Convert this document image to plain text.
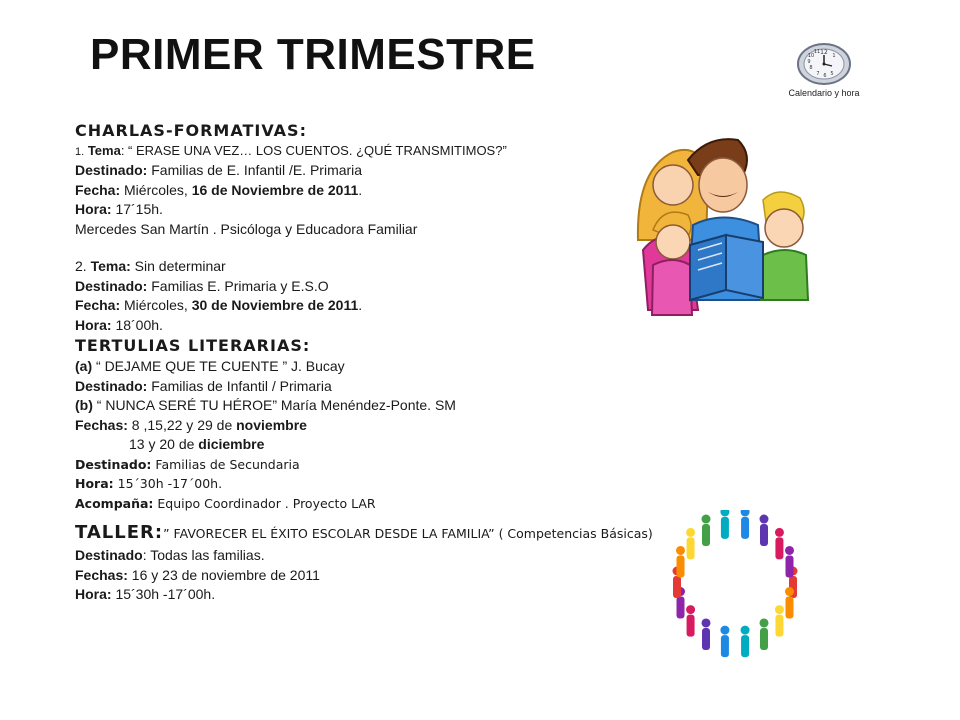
PRIMER TRIMESTRE	12 1
7 6 5
8
9
10
11
Calendario y hora
CHARLAS-FORMATIVAS:
1. Tema: “ ERASE UNA VEZ… LOS CUENTOS. ¿QUÉ TRANSMITIMOS?”
Destinado: Familias de E. Infantil /E. Primaria
Fecha: Miércoles, 16 de Noviembre de 2011.
Hora: 17´15h.
Mercedes San Martín . Psicóloga y Educadora Familiar
2. Tema: Sin determinar
Destinado: Familias E. Primaria y E.S.O
Fecha: Miércoles, 30 de Noviembre de 2011.
Hora: 18´00h.
TERTULIAS LITERARIAS:
(a) “ DEJAME QUE TE CUENTE ” J. Bucay
Destinado: Familias de Infantil / Primaria
(b) “ NUNCA SERÉ TU HÉROE” María Menéndez-Ponte. SM
Fechas: 8 ,15,22 y 29 de noviembre
13 y 20 de diciembre
Destinado: Familias de Secundaria
Hora: 15´30h -17´00h.
Acompaña: Equipo Coordinador . Proyecto LAR
TALLER:” FAVORECER EL ÉXITO ESCOLAR DESDE LA FAMILIA” ( Competencias Básicas)
Destinado: Todas las familias.
Fechas: 16 y 23 de noviembre de 2011
Hora: 15´30h -17´00h.
